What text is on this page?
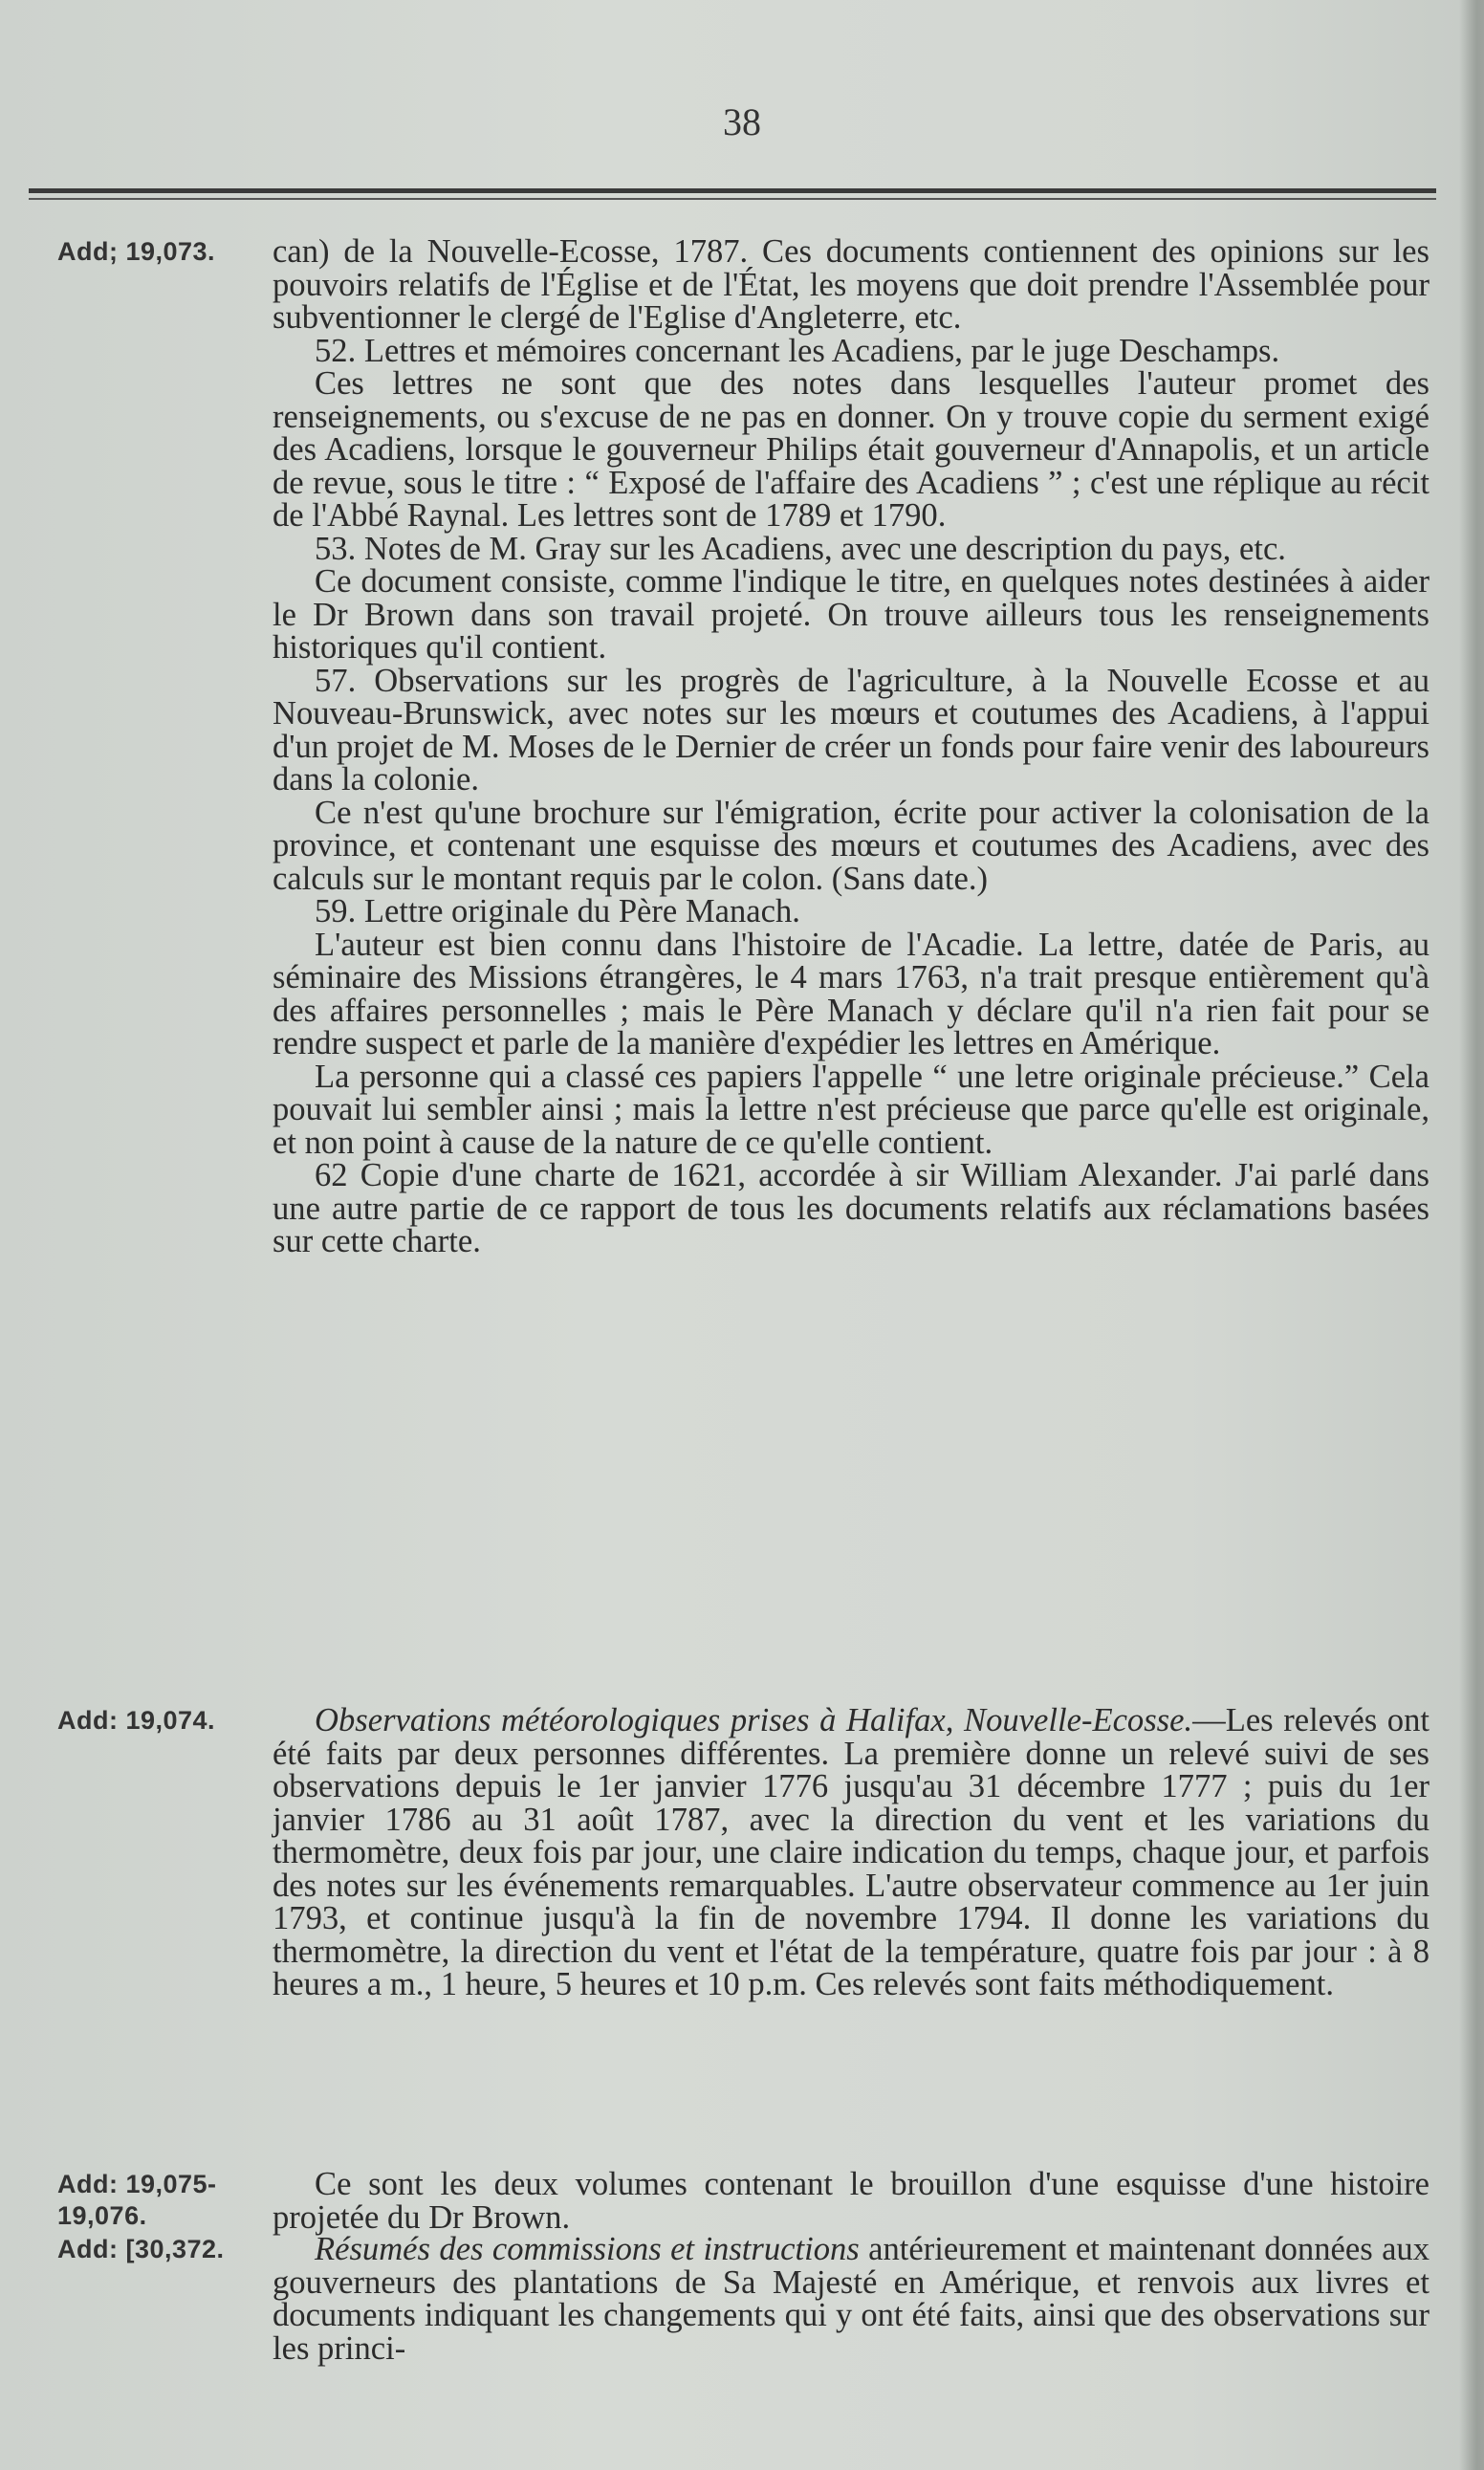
38
Add; 19,073.
Add: 19,074.
Add: 19,075-
19,076.
Add: [30,372.

can) de la Nouvelle-Ecosse, 1787. Ces documents contiennent des opinions sur les pouvoirs relatifs de l'Église et de l'État, les moyens que doit prendre l'Assemblée pour subventionner le clergé de l'Eglise d'Angleterre, etc.

52. Lettres et mémoires concernant les Acadiens, par le juge Deschamps.

Ces lettres ne sont que des notes dans lesquelles l'auteur promet des renseignements, ou s'excuse de ne pas en donner. On y trouve copie du serment exigé des Acadiens, lorsque le gouverneur Philips était gouverneur d'Annapolis, et un article de revue, sous le titre : “ Exposé de l'affaire des Acadiens ” ; c'est une réplique au récit de l'Abbé Raynal. Les lettres sont de 1789 et 1790.

53. Notes de M. Gray sur les Acadiens, avec une description du pays, etc.

Ce document consiste, comme l'indique le titre, en quelques notes destinées à aider le Dr Brown dans son travail projeté. On trouve ailleurs tous les renseignements historiques qu'il contient.

57. Observations sur les progrès de l'agriculture, à la Nouvelle Ecosse et au Nouveau-Brunswick, avec notes sur les mœurs et coutumes des Acadiens, à l'appui d'un projet de M. Moses de le Dernier de créer un fonds pour faire venir des laboureurs dans la colonie.

Ce n'est qu'une brochure sur l'émigration, écrite pour activer la colonisation de la province, et contenant une esquisse des mœurs et coutumes des Acadiens, avec des calculs sur le montant requis par le colon. (Sans date.)

59. Lettre originale du Père Manach.

L'auteur est bien connu dans l'histoire de l'Acadie. La lettre, datée de Paris, au séminaire des Missions étrangères, le 4 mars 1763, n'a trait presque entièrement qu'à des affaires personnelles ; mais le Père Manach y déclare qu'il n'a rien fait pour se rendre suspect et parle de la manière d'expédier les lettres en Amérique.

La personne qui a classé ces papiers l'appelle “ une letre originale précieuse.” Cela pouvait lui sembler ainsi ; mais la lettre n'est précieuse que parce qu'elle est originale, et non point à cause de la nature de ce qu'elle contient.

62 Copie d'une charte de 1621, accordée à sir William Alexander. J'ai parlé dans une autre partie de ce rapport de tous les documents relatifs aux réclamations basées sur cette charte.

Observations météorologiques prises à Halifax, Nouvelle-Ecosse.—Les relevés ont été faits par deux personnes différentes. La première donne un relevé suivi de ses observations depuis le 1er janvier 1776 jusqu'au 31 décembre 1777 ; puis du 1er janvier 1786 au 31 août 1787, avec la direction du vent et les variations du thermomètre, deux fois par jour, une claire indication du temps, chaque jour, et parfois des notes sur les événements remarquables. L'autre observateur commence au 1er juin 1793, et continue jusqu'à la fin de novembre 1794. Il donne les variations du thermomètre, la direction du vent et l'état de la température, quatre fois par jour : à 8 heures a m., 1 heure, 5 heures et 10 p.m. Ces relevés sont faits méthodiquement.

Ce sont les deux volumes contenant le brouillon d'une esquisse d'une histoire projetée du Dr Brown.

Résumés des commissions et instructions antérieurement et maintenant données aux gouverneurs des plantations de Sa Majesté en Amérique, et renvois aux livres et documents indiquant les changements qui y ont été faits, ainsi que des observations sur les princi-
